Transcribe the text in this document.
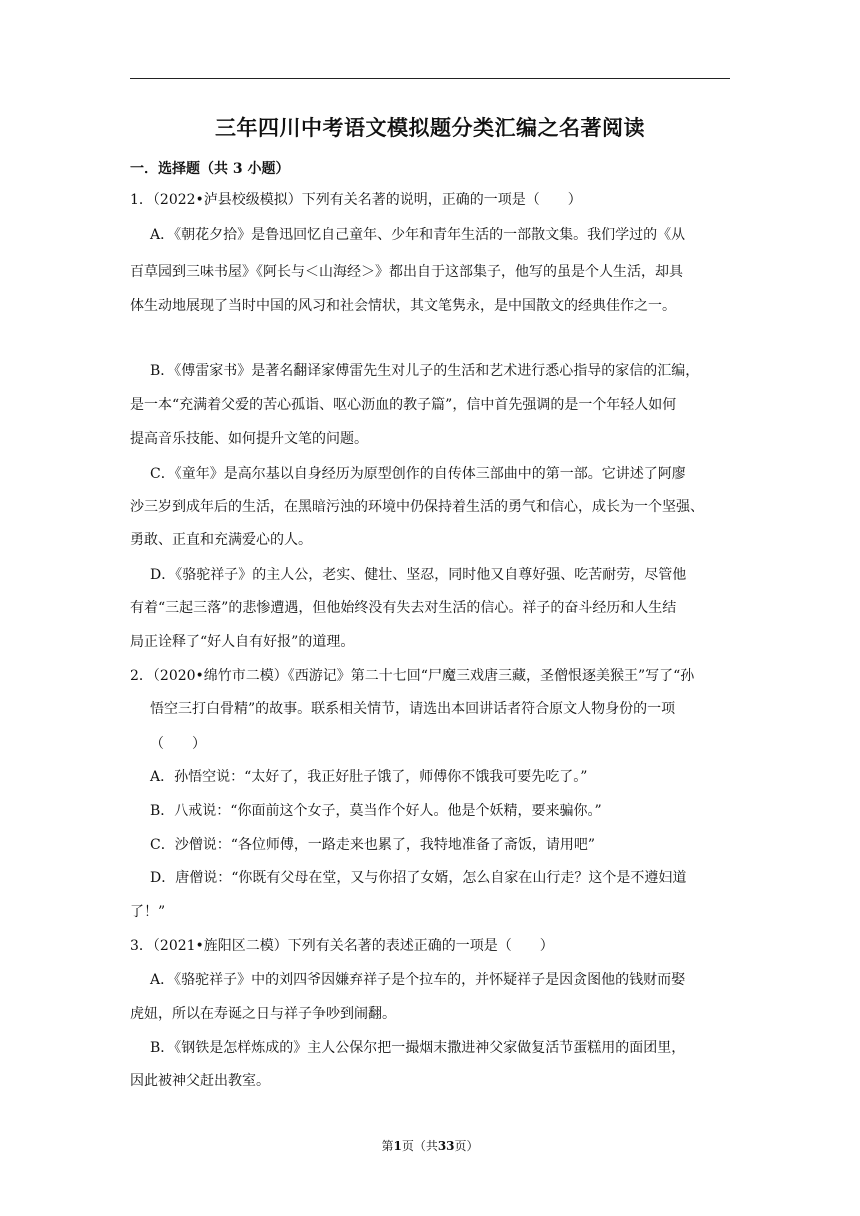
三年四川中考语文模拟题分类汇编之名著阅读
一．选择题（共 3 小题）
1．（2022•泸县校级模拟）下列有关名著的说明，正确的一项是（　　）
A．《朝花夕拾》是鲁迅回忆自己童年、少年和青年生活的一部散文集。我们学过的《从
百草园到三味书屋》《阿长与＜山海经＞》都出自于这部集子，他写的虽是个人生活，却具
体生动地展现了当时中国的风习和社会情状，其文笔隽永，是中国散文的经典佳作之一。
B．《傅雷家书》是著名翻译家傅雷先生对儿子的生活和艺术进行悉心指导的家信的汇编，
是一本“充满着父爱的苦心孤诣、呕心沥血的教子篇”，信中首先强调的是一个年轻人如何
提高音乐技能、如何提升文笔的问题。
C．《童年》是高尔基以自身经历为原型创作的自传体三部曲中的第一部。它讲述了阿廖
沙三岁到成年后的生活，在黑暗污浊的环境中仍保持着生活的勇气和信心，成长为一个坚强、
勇敢、正直和充满爱心的人。
D．《骆驼祥子》的主人公，老实、健壮、坚忍，同时他又自尊好强、吃苦耐劳，尽管他
有着“三起三落”的悲惨遭遇，但他始终没有失去对生活的信心。祥子的奋斗经历和人生结
局正诠释了“好人自有好报”的道理。
2．（2020•绵竹市二模）《西游记》第二十七回“尸魔三戏唐三藏，圣僧恨逐美猴王”写了“孙
悟空三打白骨精”的故事。联系相关情节，请选出本回讲话者符合原文人物身份的一项
（　　）
A．孙悟空说：“太好了，我正好肚子饿了，师傅你不饿我可要先吃了。”
B．八戒说：“你面前这个女子，莫当作个好人。他是个妖精，要来骗你。”
C．沙僧说：“各位师傅，一路走来也累了，我特地准备了斋饭，请用吧”
D．唐僧说：“你既有父母在堂，又与你招了女婿，怎么自家在山行走？这个是不遵妇道
了！”
3．（2021•旌阳区二模）下列有关名著的表述正确的一项是（　　）
A．《骆驼祥子》中的刘四爷因嫌弃祥子是个拉车的，并怀疑祥子是因贪图他的钱财而娶
虎妞，所以在寿诞之日与祥子争吵到闹翻。
B．《钢铁是怎样炼成的》主人公保尔把一撮烟末撒进神父家做复活节蛋糕用的面团里，
因此被神父赶出教室。
第1页（共33页）
